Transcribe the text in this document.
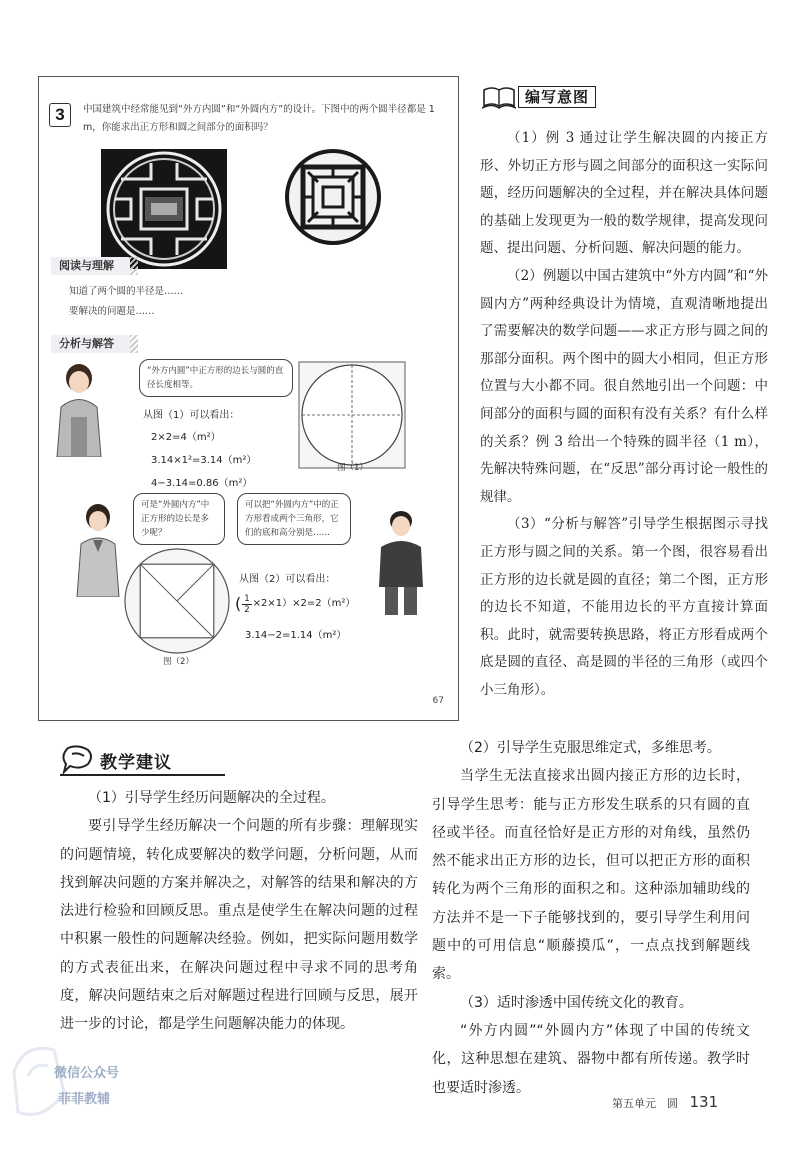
3	中国建筑中经常能见到“外方内圆”和“外圆内方”的设计。下图中的两个圆半径都是 1 m，你能求出正方形和圆之间部分的面积吗？
阅读与理解
知道了两个圆的半径是……
要解决的问题是……
分析与解答
“外方内圆”中正方形的边长与圆的直径长度相等。
从图（1）可以看出：
2×2=4（m²）
3.14×1²=3.14（m²）
4−3.14=0.86（m²）
图（1）
可是“外圆内方”中正方形的边长是多少呢？
可以把“外圆内方”中的正方形看成两个三角形，它们的底和高分别是……
图（2）
从图（2）可以看出：
( $\frac{1}{2} \times 2\times 1)\times 2=2(m^2)$
3.14−2=1.14（m²）
67
编写意图

（1）例 3 通过让学生解决圆的内接正方形、外切正方形与圆之间部分的面积这一实际问题，经历问题解决的全过程，并在解决具体问题的基础上发现更为一般的数学规律，提高发现问题、提出问题、分析问题、解决问题的能力。

（2）例题以中国古建筑中“外方内圆”和“外圆内方”两种经典设计为情境，直观清晰地提出了需要解决的数学问题——求正方形与圆之间的那部分面积。两个图中的圆大小相同，但正方形位置与大小都不同。很自然地引出一个问题：中间部分的面积与圆的面积有没有关系？有什么样的关系？例 3 给出一个特殊的圆半径（1 m），先解决特殊问题，在“反思”部分再讨论一般性的规律。

（3）“分析与解答”引导学生根据图示寻找正方形与圆之间的关系。第一个图，很容易看出正方形的边长就是圆的直径；第二个图，正方形的边长不知道，不能用边长的平方直接计算面积。此时，就需要转换思路，将正方形看成两个底是圆的直径、高是圆的半径的三角形（或四个小三角形）。

教学建议

（1）引导学生经历问题解决的全过程。

要引导学生经历解决一个问题的所有步骤：理解现实的问题情境，转化成要解决的数学问题，分析问题，从而找到解决问题的方案并解决之，对解答的结果和解决的方法进行检验和回顾反思。重点是使学生在解决问题的过程中积累一般性的问题解决经验。例如，把实际问题用数学的方式表征出来，在解决问题过程中寻求不同的思考角度，解决问题结束之后对解题过程进行回顾与反思，展开进一步的讨论，都是学生问题解决能力的体现。

（2）引导学生克服思维定式，多维思考。

当学生无法直接求出圆内接正方形的边长时，引导学生思考：能与正方形发生联系的只有圆的直径或半径。而直径恰好是正方形的对角线，虽然仍然不能求出正方形的边长，但可以把正方形的面积转化为两个三角形的面积之和。这种添加辅助线的方法并不是一下子能够找到的，要引导学生利用问题中的可用信息“顺藤摸瓜”，一点点找到解题线索。

（3）适时渗透中国传统文化的教育。

“外方内圆”“外圆内方”体现了中国的传统文化，这种思想在建筑、器物中都有所传递。教学时也要适时渗透。

第五单元　圆 131
微信公众号
菲菲教辅
